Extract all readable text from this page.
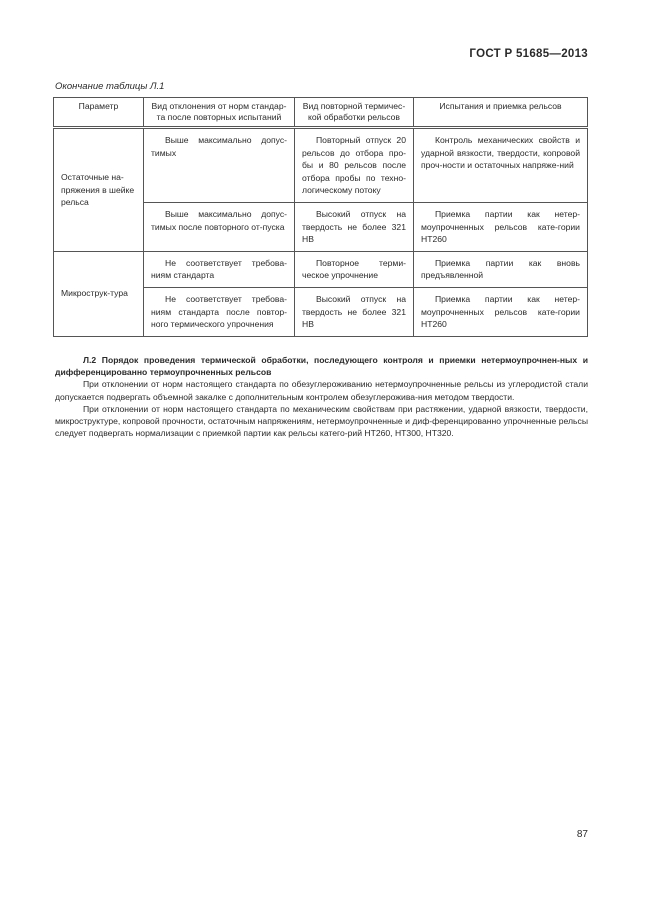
ГОСТ Р 51685—2013
Окончание таблицы Л.1
Параметр	Вид отклонения от норм стандар-та после повторных испытаний	Вид повторной термичес-кой обработки рельсов	Испытания и приемка рельсов
Остаточные на-пряжения в шейке рельса	Выше максимально допус-тимых	Повторный отпуск 20 рельсов до отбора про-бы и 80 рельсов после отбора пробы по техно-логическому потоку	Контроль механических свойств и ударной вязкости, твердости, копровой проч-ности и остаточных напряже-ний
	Выше максимально допус-тимых после повторного от-пуска	Высокий отпуск на твердость не более 321 НВ	Приемка партии как нетер-моупрочненных рельсов кате-гории НТ260
Микрострук-тура	Не соответствует требова-ниям стандарта	Повторное терми-ческое упрочнение	Приемка партии как вновь предъявленной
	Не соответствует требова-ниям стандарта после повтор-ного термического упрочнения	Высокий отпуск на твердость не более 321 НВ	Приемка партии как нетер-моупрочненных рельсов кате-гории НТ260

Л.2 Порядок проведения термической обработки, последующего контроля и приемки нетермоупрочнен-ных и дифференцированно термоупрочненных рельсов

При отклонении от норм настоящего стандарта по обезуглероживанию нетермоупрочненные рельсы из углеродистой стали допускается подвергать объемной закалке с дополнительным контролем обезуглерожива-ния методом твердости.

При отклонении от норм настоящего стандарта по механическим свойствам при растяжении, ударной вязкости, твердости, микроструктуре, копровой прочности, остаточным напряжениям, нетермоупрочненные и диф-ференцированно упрочненные рельсы следует подвергать нормализации с приемкой партии как рельсы катего-рий НТ260, НТ300, НТ320.

87
